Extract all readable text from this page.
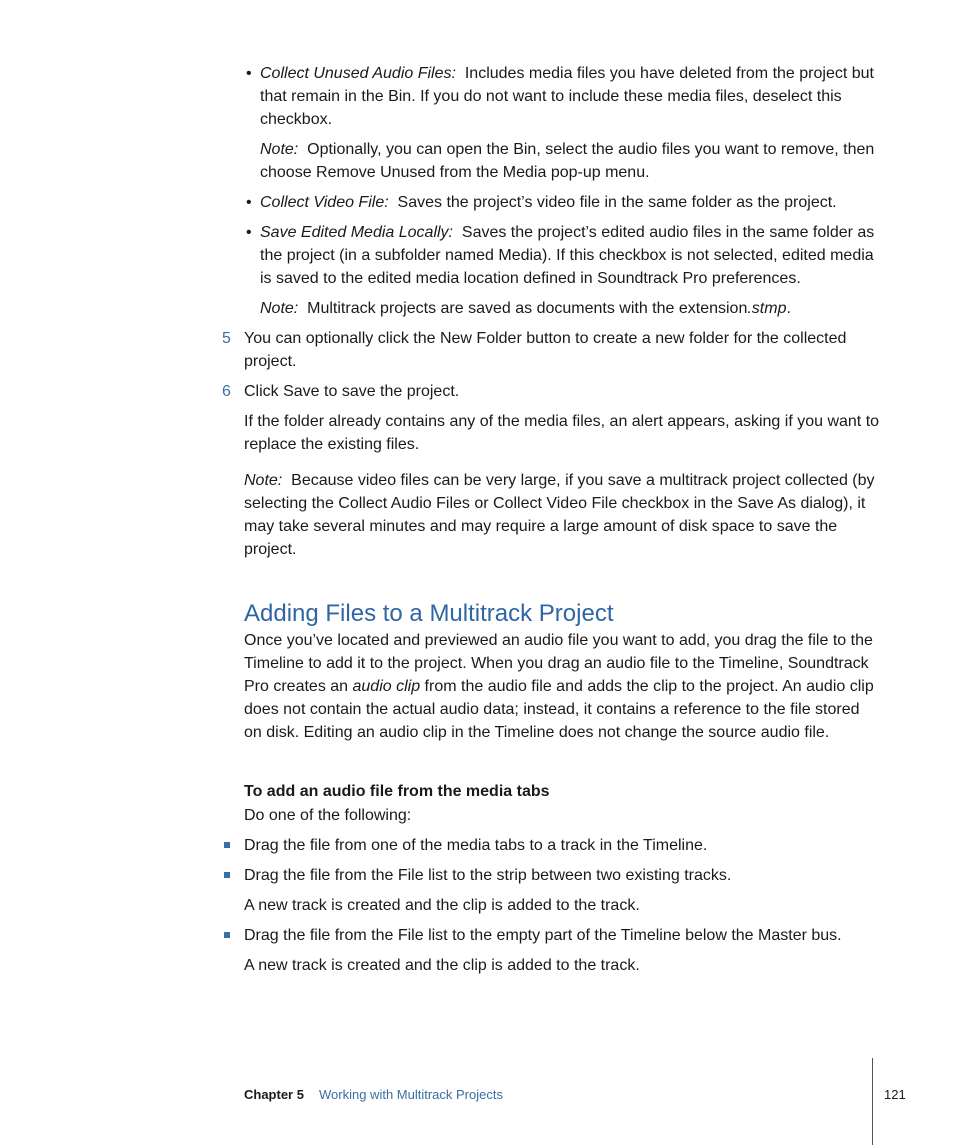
• Collect Unused Audio Files: Includes media files you have deleted from the project but that remain in the Bin. If you do not want to include these media files, deselect this checkbox.
Note: Optionally, you can open the Bin, select the audio files you want to remove, then choose Remove Unused from the Media pop-up menu.
• Collect Video File: Saves the project’s video file in the same folder as the project.
• Save Edited Media Locally: Saves the project’s edited audio files in the same folder as the project (in a subfolder named Media). If this checkbox is not selected, edited media is saved to the edited media location defined in Soundtrack Pro preferences.
Note: Multitrack projects are saved as documents with the extension.stmp.
5 You can optionally click the New Folder button to create a new folder for the collected project.
6 Click Save to save the project.
If the folder already contains any of the media files, an alert appears, asking if you want to replace the existing files.
Note: Because video files can be very large, if you save a multitrack project collected (by selecting the Collect Audio Files or Collect Video File checkbox in the Save As dialog), it may take several minutes and may require a large amount of disk space to save the project.
Adding Files to a Multitrack Project
Once you’ve located and previewed an audio file you want to add, you drag the file to the Timeline to add it to the project. When you drag an audio file to the Timeline, Soundtrack Pro creates an audio clip from the audio file and adds the clip to the project. An audio clip does not contain the actual audio data; instead, it contains a reference to the file stored on disk. Editing an audio clip in the Timeline does not change the source audio file.
To add an audio file from the media tabs
Do one of the following:
Drag the file from one of the media tabs to a track in the Timeline.
Drag the file from the File list to the strip between two existing tracks.
A new track is created and the clip is added to the track.
Drag the file from the File list to the empty part of the Timeline below the Master bus.
A new track is created and the clip is added to the track.
Chapter 5 Working with Multitrack Projects	121
